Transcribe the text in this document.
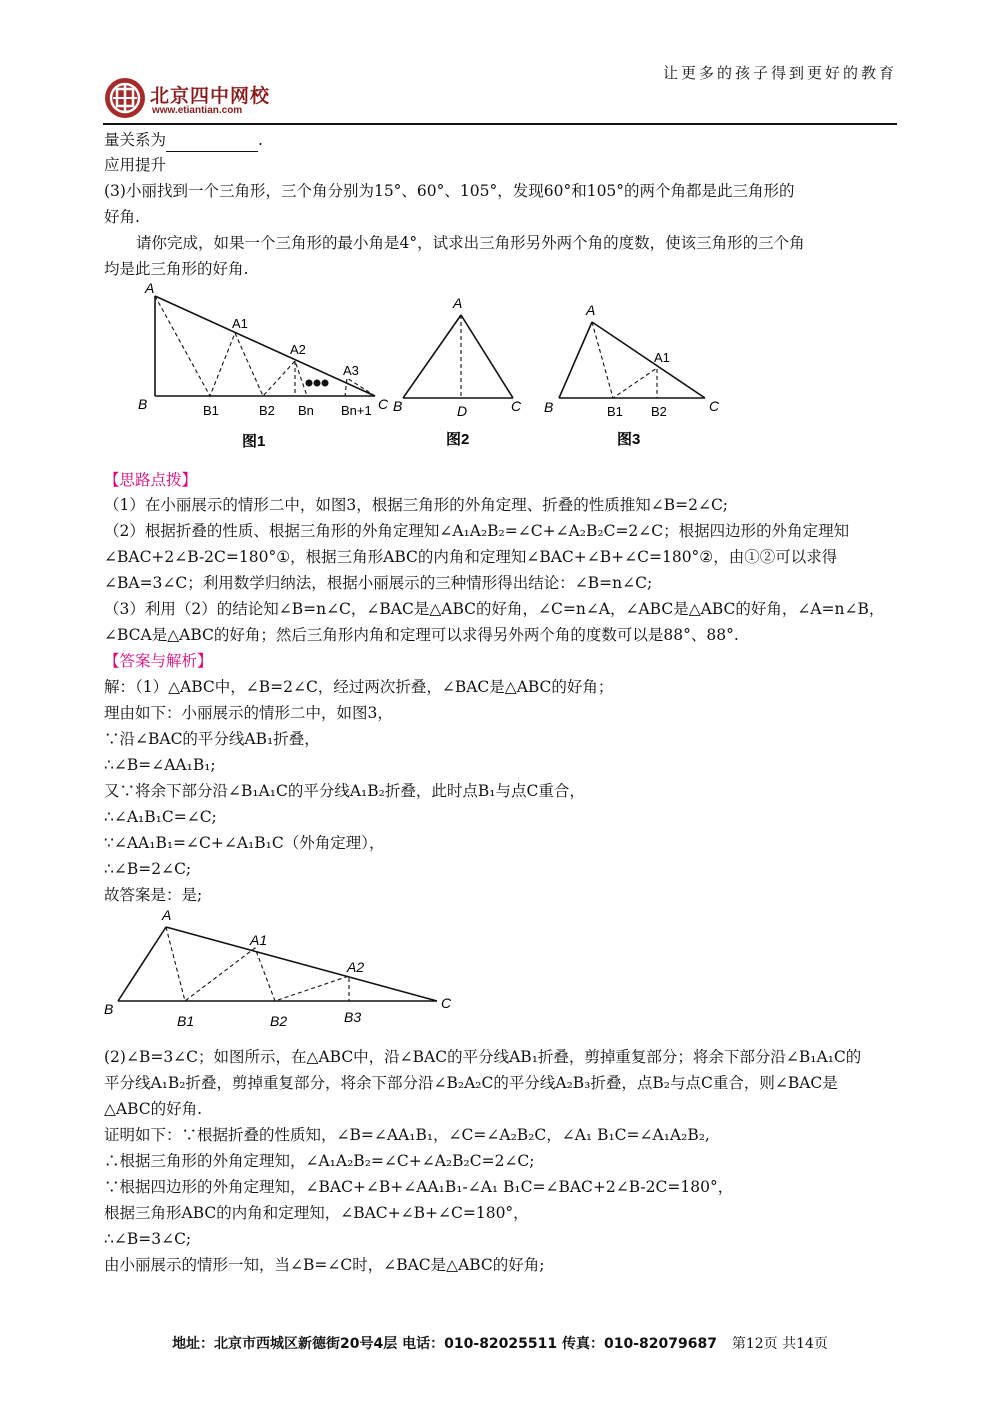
让更多的孩子得到更好的教育
北京四中网校
www.etiantian.com
量关系为	.
应用提升
(3)小丽找到一个三角形，三个角分别为15°、60°、105°，发现60°和105°的两个角都是此三角形的
好角.
请你完成，如果一个三角形的最小角是4°，试求出三角形另外两个角的度数，使该三角形的三个角
均是此三角形的好角.
A
A1
A2
A3
B	B1	B2 Bn Bn+1 C
图1
A
B	D	C
图2
A
A1
B	B1 B2	C
图3
【思路点拨】
（1）在小丽展示的情形二中，如图3，根据三角形的外角定理、折叠的性质推知∠B=2∠C;
（2）根据折叠的性质、根据三角形的外角定理知∠A₁A₂B₂=∠C+∠A₂B₂C=2∠C；根据四边形的外角定理知
∠BAC+2∠B-2C=180°①，根据三角形ABC的内角和定理知∠BAC+∠B+∠C=180°②，由①②可以求得
∠BA=3∠C；利用数学归纳法，根据小丽展示的三种情形得出结论：∠B=n∠C;
（3）利用（2）的结论知∠B=n∠C，∠BAC是△ABC的好角，∠C=n∠A，∠ABC是△ABC的好角，∠A=n∠B，
∠BCA是△ABC的好角；然后三角形内角和定理可以求得另外两个角的度数可以是88°、88°.
【答案与解析】
解：（1）△ABC中，∠B=2∠C，经过两次折叠，∠BAC是△ABC的好角；
理由如下：小丽展示的情形二中，如图3，
∵沿∠BAC的平分线AB₁折叠，
∴∠B=∠AA₁B₁;
又∵将余下部分沿∠B₁A₁C的平分线A₁B₂折叠，此时点B₁与点C重合，
∴∠A₁B₁C=∠C;
∵∠AA₁B₁=∠C+∠A₁B₁C（外角定理），
∴∠B=2∠C;
故答案是：是;
A
A1
A2
B
B1	B2	B3
C
(2)∠B=3∠C；如图所示，在△ABC中，沿∠BAC的平分线AB₁折叠，剪掉重复部分；将余下部分沿∠B₁A₁C的
平分线A₁B₂折叠，剪掉重复部分，将余下部分沿∠B₂A₂C的平分线A₂B₃折叠，点B₂与点C重合，则∠BAC是
△ABC的好角.
证明如下：∵根据折叠的性质知，∠B=∠AA₁B₁，∠C=∠A₂B₂C，∠A₁ B₁C=∠A₁A₂B₂,
∴根据三角形的外角定理知，∠A₁A₂B₂=∠C+∠A₂B₂C=2∠C;
∵根据四边形的外角定理知，∠BAC+∠B+∠AA₁B₁-∠A₁ B₁C=∠BAC+2∠B-2C=180°，
根据三角形ABC的内角和定理知，∠BAC+∠B+∠C=180°，
∴∠B=3∠C;
由小丽展示的情形一知，当∠B=∠C时，∠BAC是△ABC的好角;
地址：北京市西城区新德街20号4层 电话：010-82025511 传真：010-82079687 第12页 共14页
